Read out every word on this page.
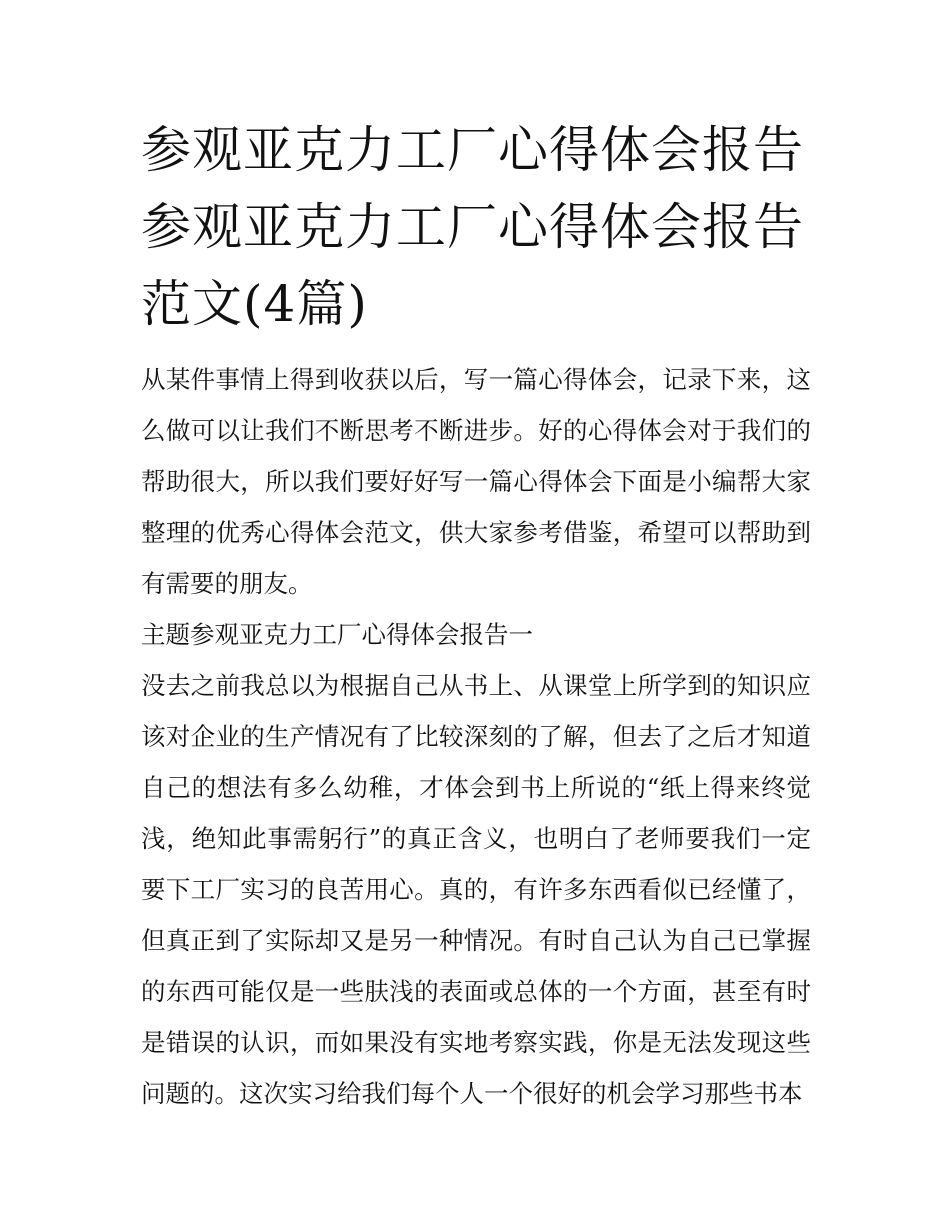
参观亚克力工厂心得体会报告参观亚克力工厂心得体会报告范文(4篇)

从某件事情上得到收获以后，写一篇心得体会，记录下来，这么做可以让我们不断思考不断进步。好的心得体会对于我们的帮助很大，所以我们要好好写一篇心得体会下面是小编帮大家整理的优秀心得体会范文，供大家参考借鉴，希望可以帮助到有需要的朋友。

主题参观亚克力工厂心得体会报告一

没去之前我总以为根据自己从书上、从课堂上所学到的知识应该对企业的生产情况有了比较深刻的了解，但去了之后才知道自己的想法有多么幼稚，才体会到书上所说的“纸上得来终觉浅，绝知此事需躬行”的真正含义，也明白了老师要我们一定要下工厂实习的良苦用心。真的，有许多东西看似已经懂了，但真正到了实际却又是另一种情况。有时自己认为自己已掌握的东西可能仅是一些肤浅的表面或总体的一个方面，甚至有时是错误的认识，而如果没有实地考察实践，你是无法发现这些问题的。这次实习给我们每个人一个很好的机会学习那些书本
